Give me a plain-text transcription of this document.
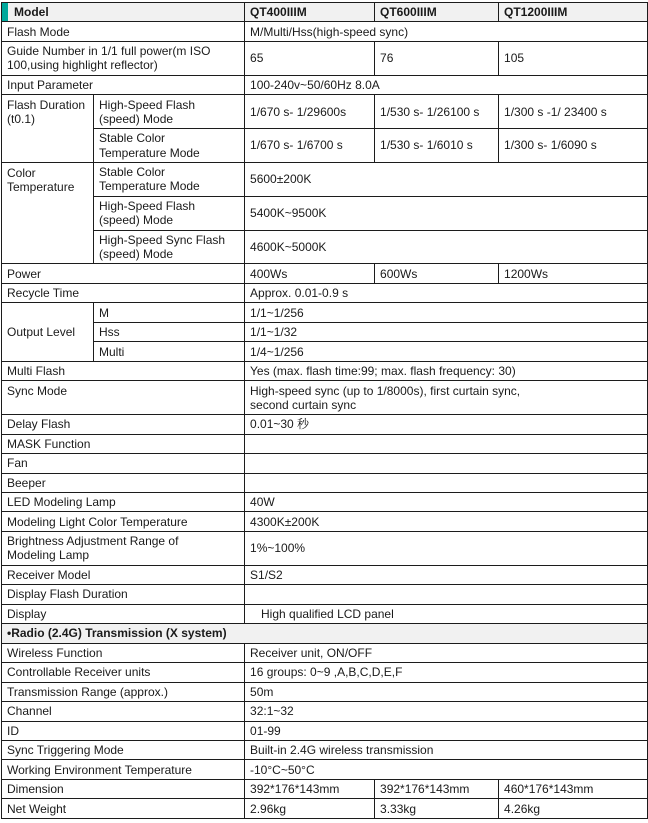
Model		QT400IIIM	QT600IIIM	QT1200IIIM
Flash Mode		M/Multi/Hss(high-speed sync)		

Guide Number in 1/1 full power(m ISO
100,using highlight reflector)		65	76	105
Input Parameter		100-240v~50/60Hz 8.0A		

Flash Duration
(t0.1)	High-Speed Flash
(speed) Mode	1/670 s- 1/29600s	1/530 s- 1/26100 s	1/300 s -1/ 23400 s

	Stable Color
Temperature Mode	1/670 s- 1/6700 s	1/530 s- 1/6010 s	1/300 s- 1/6090 s

Color
Temperature	Stable Color
Temperature Mode	5600±200K		

	High-Speed Flash
(speed) Mode	5400K~9500K		

	High-Speed Sync Flash
(speed) Mode	4600K~5000K		
Power		400Ws	600Ws	1200Ws
Recycle Time		Approx. 0.01-0.9 s		
Output Level	M	1/1~1/256		
	Hss	1/1~1/32		
	Multi	1/4~1/256		
Multi Flash		Yes (max. flash time:99; max. flash frequency: 30)		
Sync Mode		High-speed sync (up to 1/8000s), first curtain sync,
second curtain sync		

Delay Flash		0.01~30 秒		
MASK Function				
Fan				
Beeper				
LED Modeling Lamp		40W		
Modeling Light Color Temperature		4300K±200K		

Brightness Adjustment Range of
Modeling Lamp		1%~100%		
Receiver Model		S1/S2		
Display Flash Duration				
Display		High qualified LCD panel		
•Radio (2.4G) Transmission (X system)				
Wireless Function		Receiver unit, ON/OFF		
Controllable Receiver units		16 groups: 0~9 ,A,B,C,D,E,F		
Transmission Range (approx.)		50m		
Channel		32:1~32		
ID		01-99		
Sync Triggering Mode		Built-in 2.4G wireless transmission		
Working Environment Temperature		-10°C~50°C		
Dimension		392*176*143mm	392*176*143mm	460*176*143mm
Net Weight		2.96kg	3.33kg	4.26kg
